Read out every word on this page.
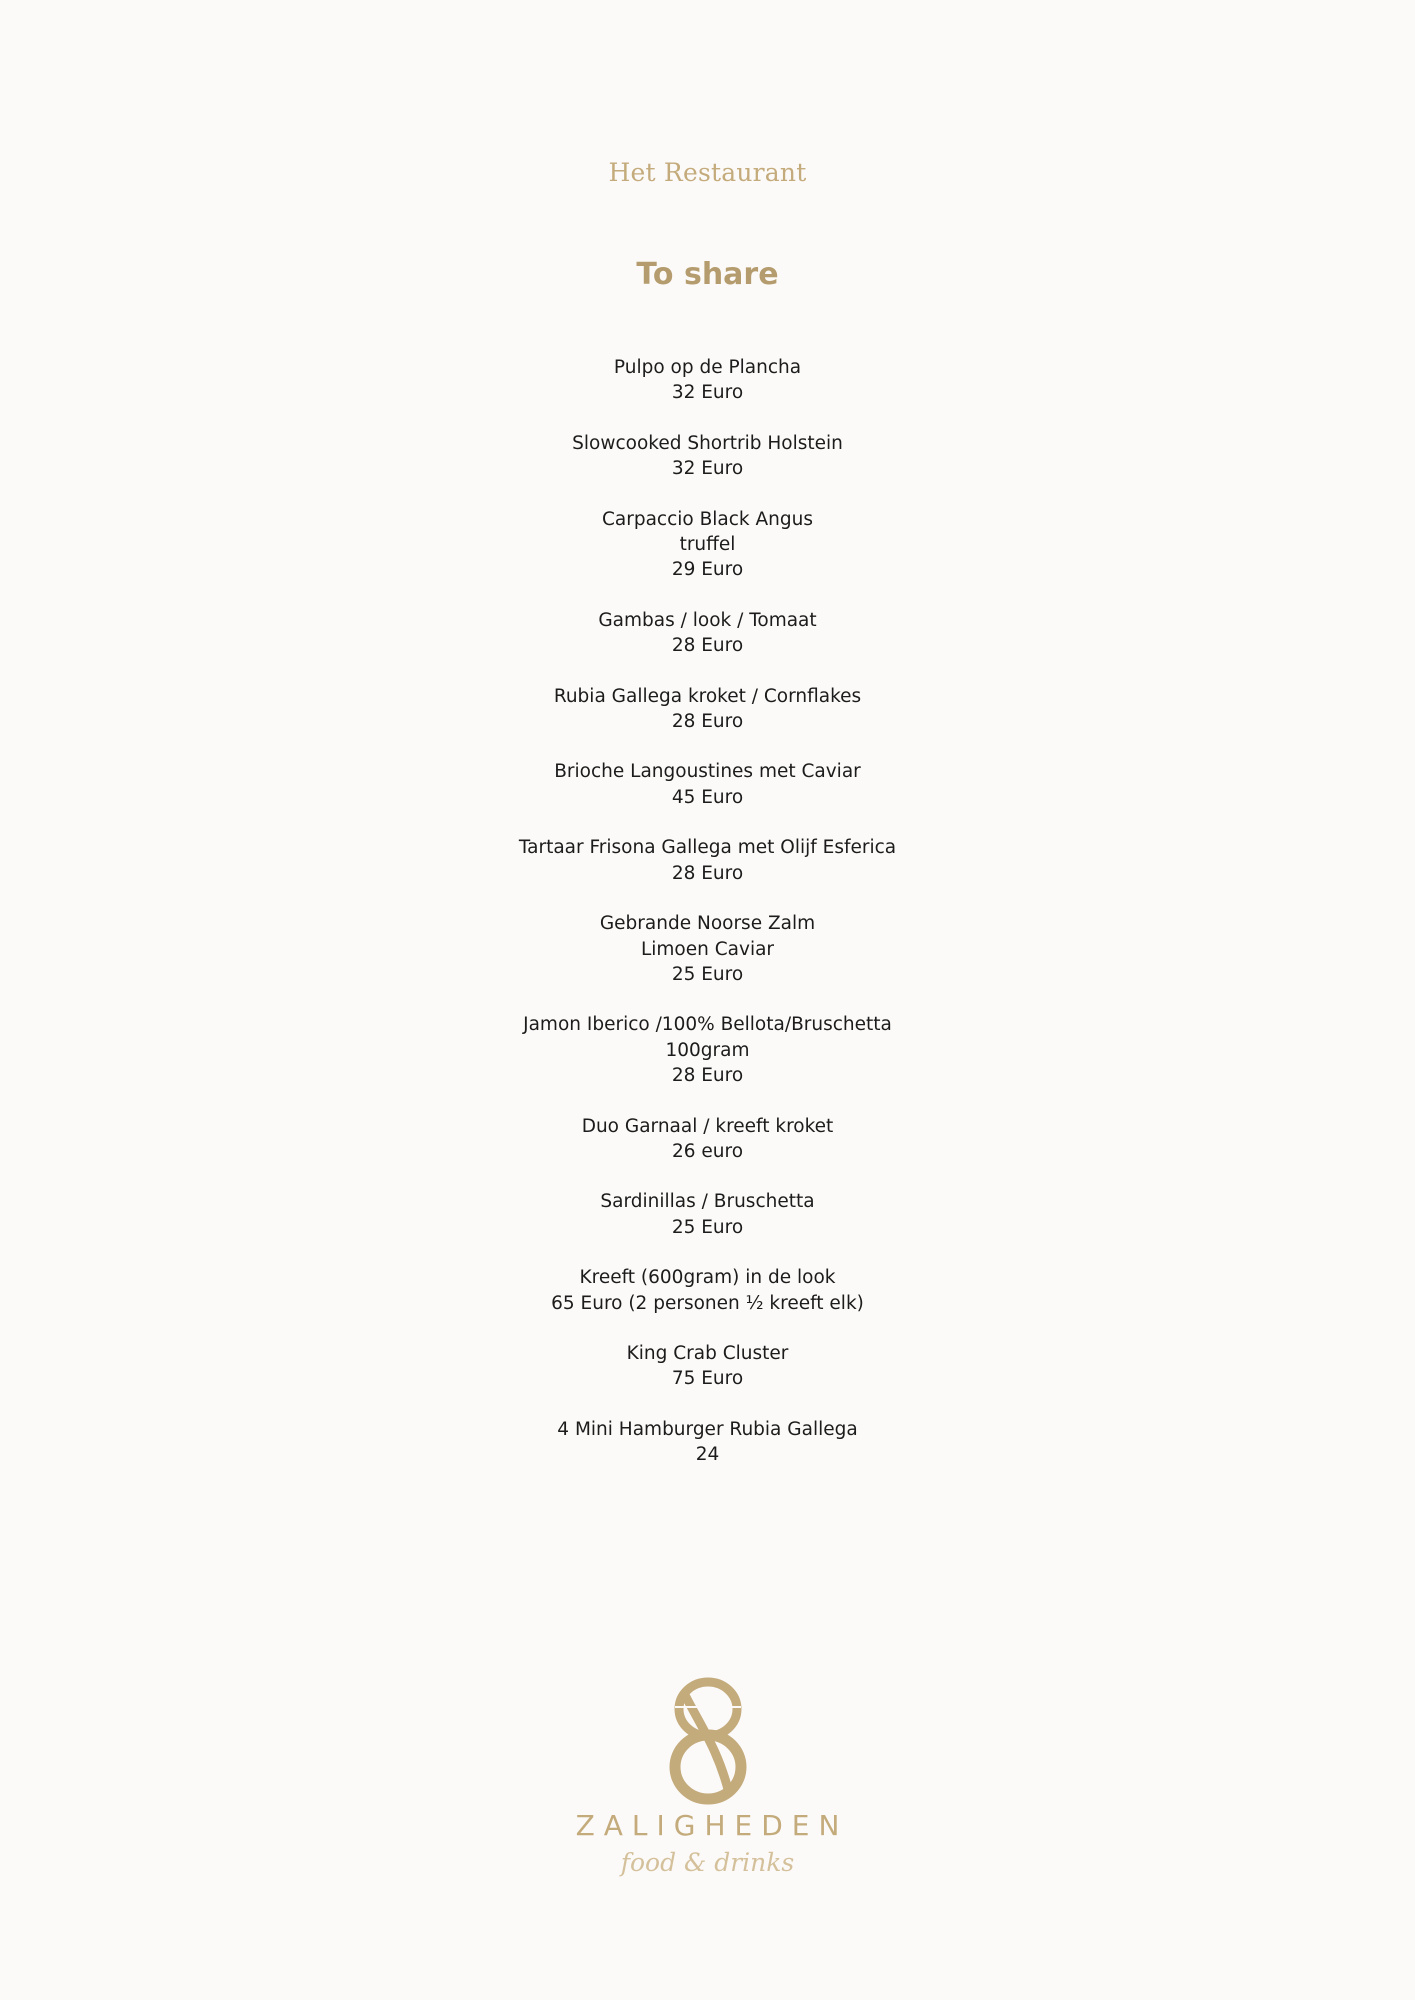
Het Restaurant
To share
Pulpo op de Plancha
32 Euro
Slowcooked Shortrib Holstein
32 Euro
Carpaccio Black Angus
truffel
29 Euro
Gambas / look / Tomaat
28 Euro
Rubia Gallega kroket / Cornflakes
28 Euro
Brioche Langoustines met Caviar
45 Euro
Tartaar Frisona Gallega met Olijf Esferica
28 Euro
Gebrande Noorse Zalm
Limoen Caviar
25 Euro
Jamon Iberico /100% Bellota/Bruschetta
100gram
28 Euro
Duo Garnaal / kreeft kroket
26 euro
Sardinillas / Bruschetta
25 Euro
Kreeft (600gram) in de look
65 Euro (2 personen ½ kreeft elk)
King Crab Cluster
75 Euro
4 Mini Hamburger Rubia Gallega
24
ZALIGHEDEN
food & drinks
